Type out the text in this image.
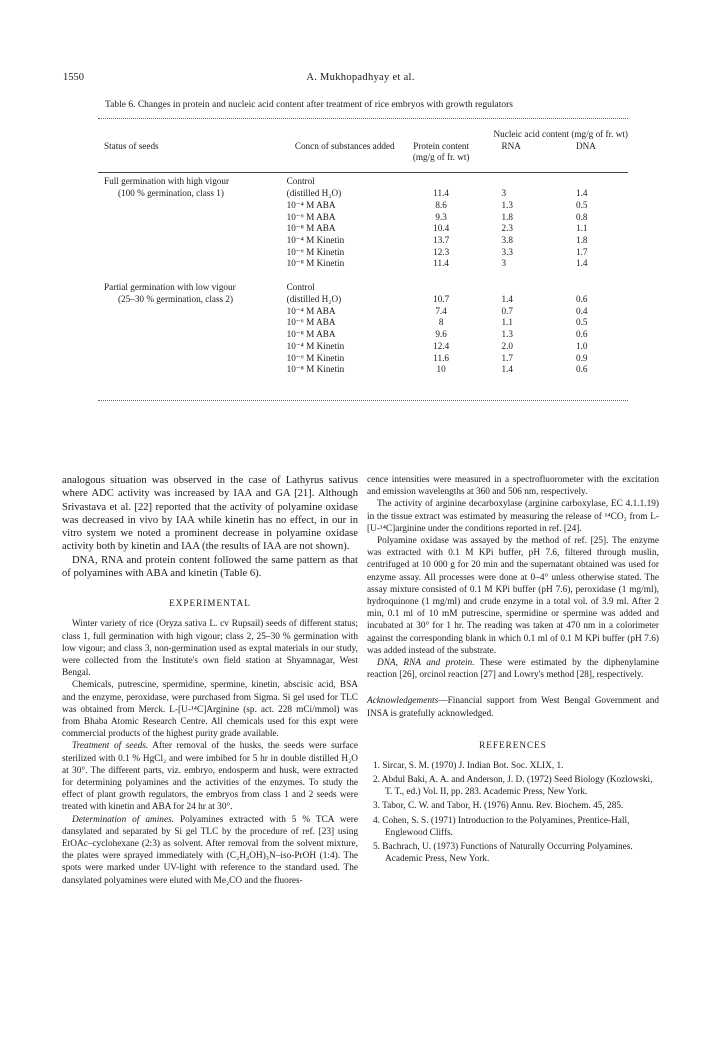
1550	A. Mukhopadhyay et al.
Table 6. Changes in protein and nucleic acid content after treatment of rice embryos with growth regulators
			Nucleic acid content (mg/g of fr. wt)	
Status of seeds	Concn of substances added	Protein content (mg/g of fr. wt)	RNA	DNA
Full germination with high vigour	Control			
(100 % germination, class 1)	(distilled H₂O)	11.4	3	1.4
	10⁻⁴ M ABA	8.6	1.3	0.5
	10⁻⁶ M ABA	9.3	1.8	0.8
	10⁻⁸ M ABA	10.4	2.3	1.1
	10⁻⁴ M Kinetin	13.7	3.8	1.8
	10⁻⁶ M Kinetin	12.3	3.3	1.7
	10⁻⁸ M Kinetin	11.4	3	1.4
Partial germination with low vigour	Control			
(25–30 % germination, class 2)	(distilled H₂O)	10.7	1.4	0.6
	10⁻⁴ M ABA	7.4	0.7	0.4
	10⁻⁶ M ABA	8	1.1	0.5
	10⁻⁸ M ABA	9.6	1.3	0.6
	10⁻⁴ M Kinetin	12.4	2.0	1.0
	10⁻⁶ M Kinetin	11.6	1.7	0.9
	10⁻⁸ M Kinetin	10	1.4	0.6

analogous situation was observed in the case of Lathyrus sativus where ADC activity was increased by IAA and GA [21]. Although Srivastava et al. [22] reported that the activity of polyamine oxidase was decreased in vivo by IAA while kinetin has no effect, in our in vitro system we noted a prominent decrease in polyamine oxidase activity both by kinetin and IAA (the results of IAA are not shown).

DNA, RNA and protein content followed the same pattern as that of polyamines with ABA and kinetin (Table 6).

EXPERIMENTAL

Winter variety of rice (Oryza sativa L. cv Rupsail) seeds of different status; class 1, full germination with high vigour; class 2, 25–30 % germination with low vigour; and class 3, non-germination used as exptal materials in our study, were collected from the Institute's own field station at Shyamnagar, West Bengal.

Chemicals, putrescine, spermidine, spermine, kinetin, abscisic acid, BSA and the enzyme, peroxidase, were purchased from Sigma. Si gel used for TLC was obtained from Merck. L-[U-¹⁴C]Arginine (sp. act. 228 mCi/mmol) was from Bhaba Atomic Research Centre. All chemicals used for this expt were commercial products of the highest purity grade available.

Treatment of seeds. After removal of the husks, the seeds were surface sterilized with 0.1 % HgCl₂ and were imbibed for 5 hr in double distilled H₂O at 30°. The different parts, viz. embryo, endosperm and husk, were extracted for determining polyamines and the activities of the enzymes. To study the effect of plant growth regulators, the embryos from class 1 and 2 seeds were treated with kinetin and ABA for 24 hr at 30°.

Determination of amines. Polyamines extracted with 5 % TCA were dansylated and separated by Si gel TLC by the procedure of ref. [23] using EtOAc–cyclohexane (2:3) as solvent. After removal from the solvent mixture, the plates were sprayed immediately with (C₂H₄OH)₃N–iso-PrOH (1:4). The spots were marked under UV-light with reference to the standard used. The dansylated polyamines were eluted with Me₂CO and the fluores-

cence intensities were measured in a spectrofluorometer with the excitation and emission wavelengths at 360 and 506 nm, respectively.

The activity of arginine decarboxylase (arginine carboxylase, EC 4.1.1.19) in the tissue extract was estimated by measuring the release of ¹⁴CO₂ from L-[U-¹⁴C]arginine under the conditions reported in ref. [24].

Polyamine oxidase was assayed by the method of ref. [25]. The enzyme was extracted with 0.1 M KPi buffer, pH 7.6, filtered through muslin, centrifuged at 10 000 g for 20 min and the supernatant obtained was used for enzyme assay. All processes were done at 0–4° unless otherwise stated. The assay mixture consisted of 0.1 M KPi buffer (pH 7.6), peroxidase (1 mg/ml), hydroquinone (1 mg/ml) and crude enzyme in a total vol. of 3.9 ml. After 2 min, 0.1 ml of 10 mM putrescine, spermidine or spermine was added and incubated at 30° for 1 hr. The reading was taken at 470 nm in a colorimeter against the corresponding blank in which 0.1 ml of 0.1 M KPi buffer (pH 7.6) was added instead of the substrate.

DNA, RNA and protein. These were estimated by the diphenylamine reaction [26], orcinol reaction [27] and Lowry's method [28], respectively.

Acknowledgements—Financial support from West Bengal Government and INSA is gratefully acknowledged.

REFERENCES

1. Sircar, S. M. (1970) J. Indian Bot. Soc. XLIX, 1.

2. Abdul Baki, A. A. and Anderson, J. D. (1972) Seed Biology (Kozlowski, T. T., ed.) Vol. II, pp. 283. Academic Press, New York.

3. Tabor, C. W. and Tabor, H. (1976) Annu. Rev. Biochem. 45, 285.

4. Cohen, S. S. (1971) Introduction to the Polyamines, Prentice-Hall, Englewood Cliffs.

5. Bachrach, U. (1973) Functions of Naturally Occurring Polyamines. Academic Press, New York.
